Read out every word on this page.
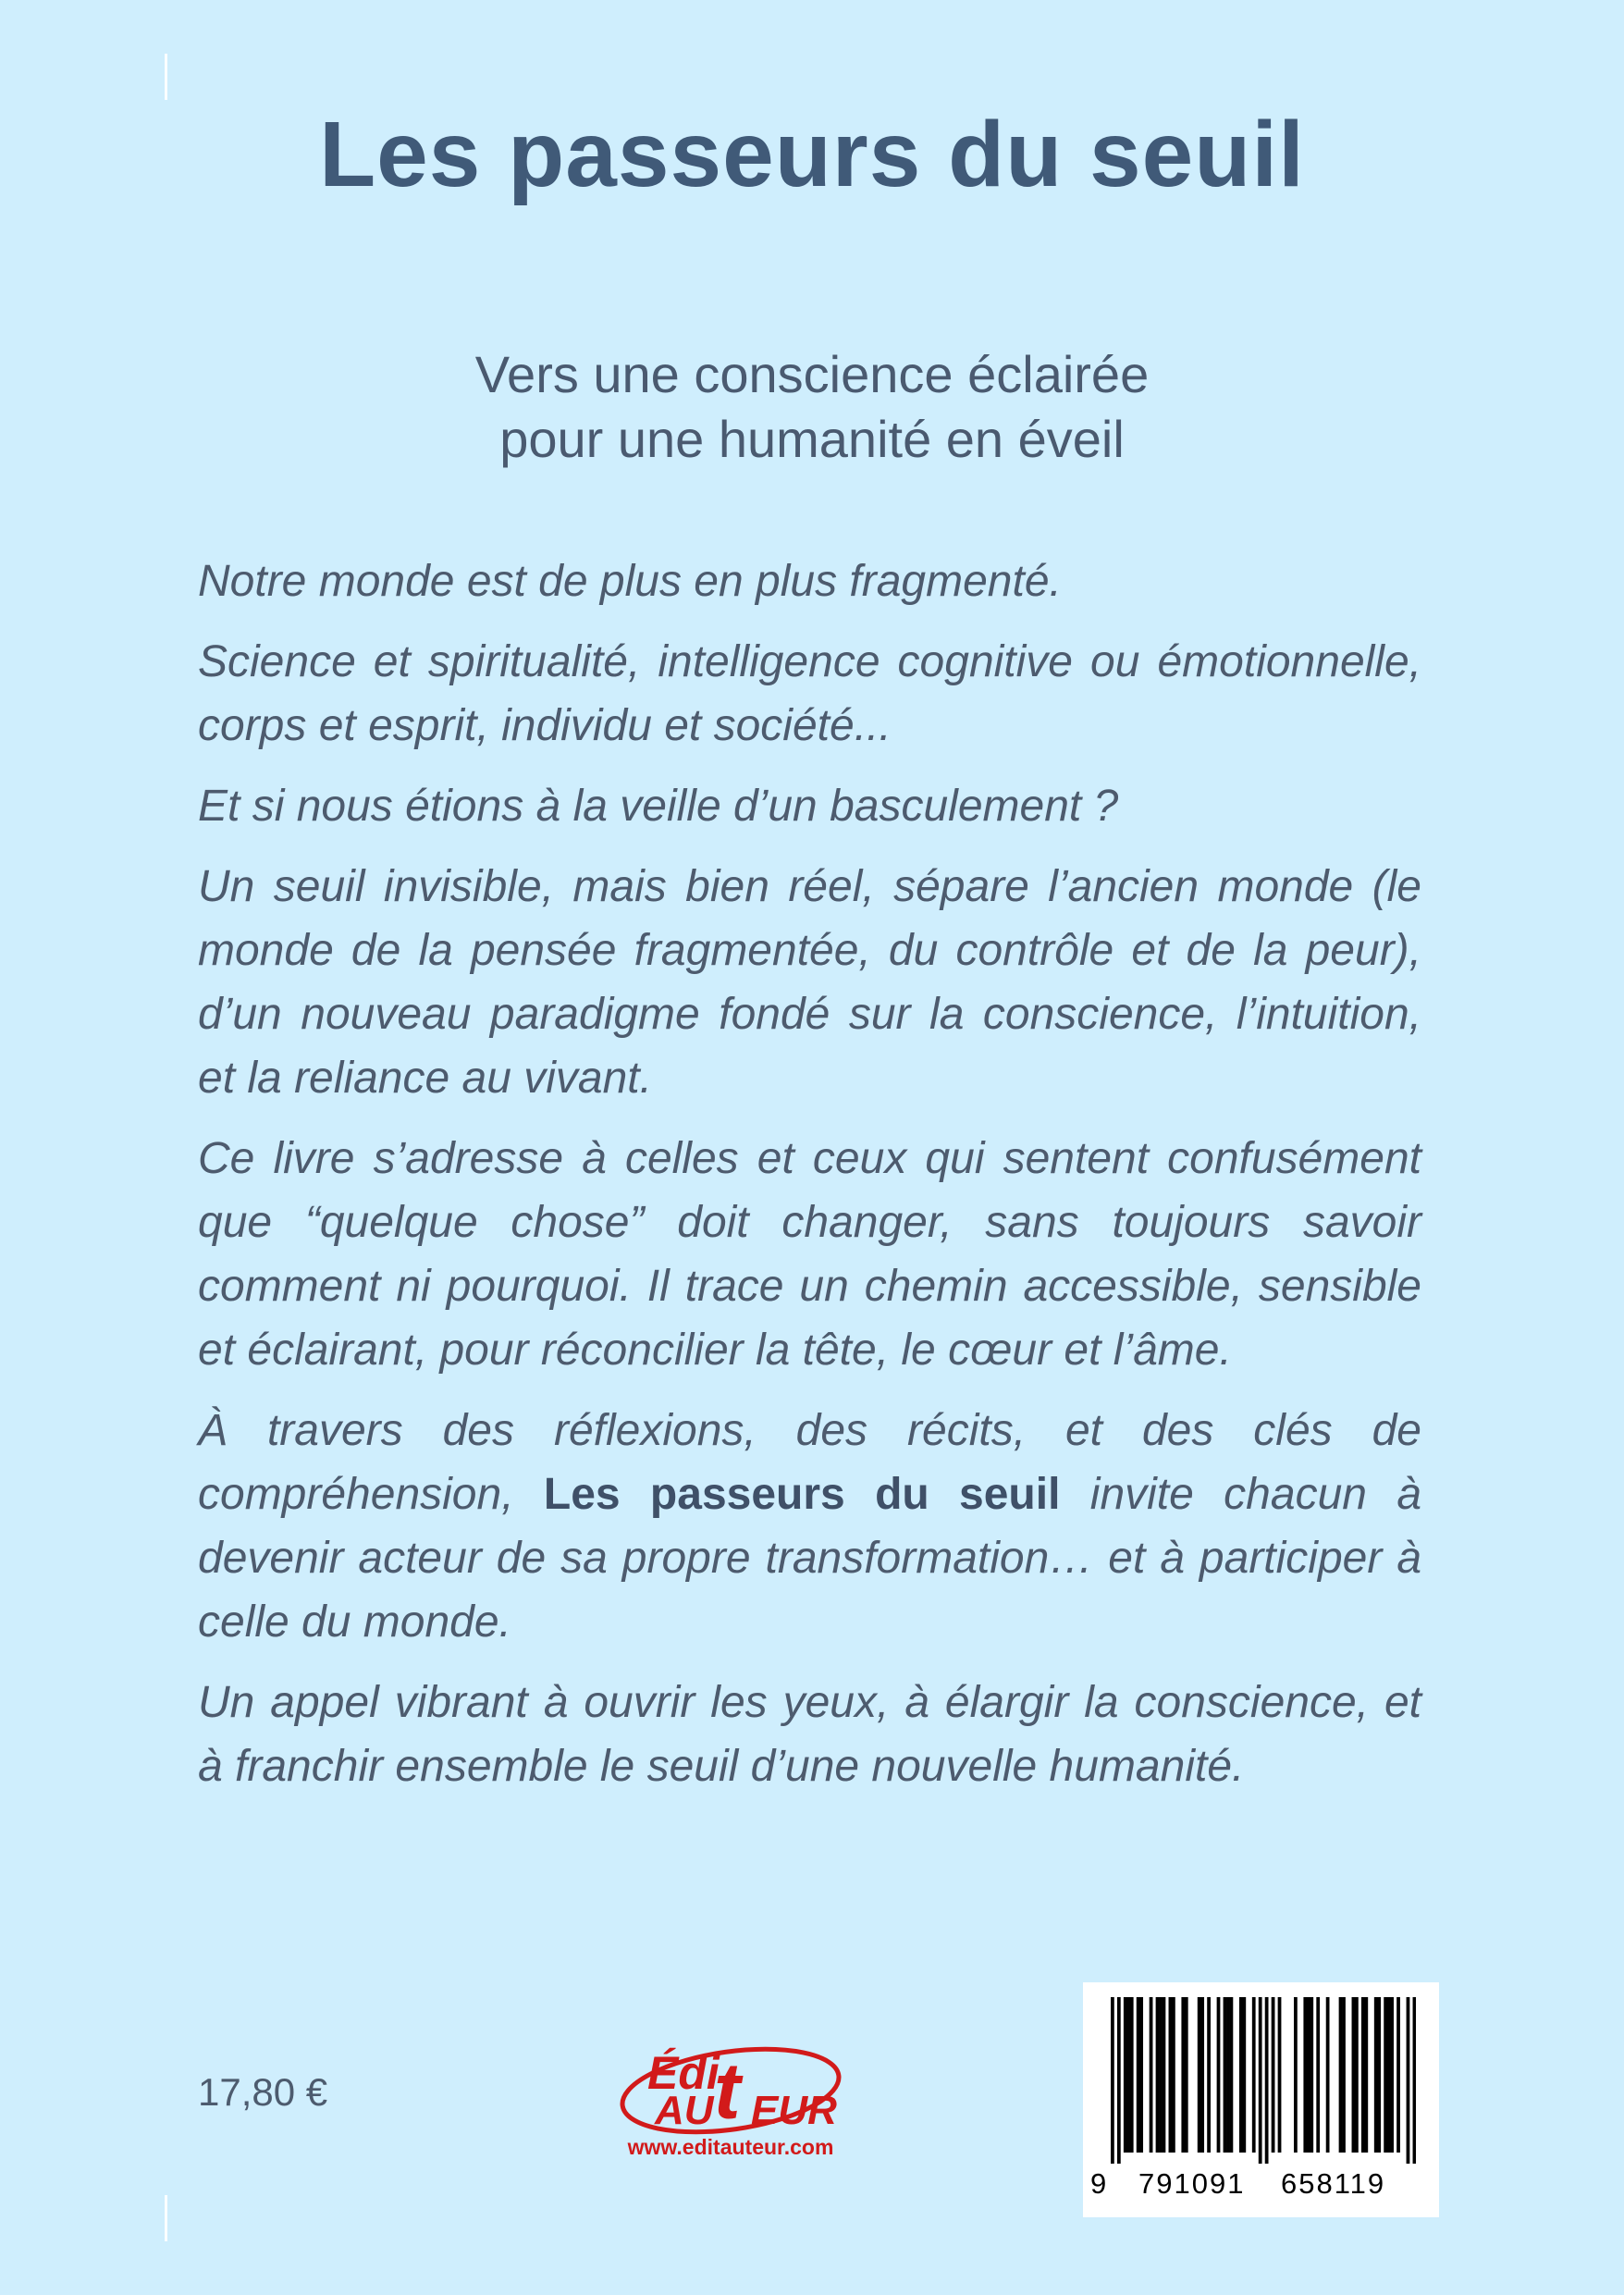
Les passeurs du seuil
Vers une conscience éclairée
pour une humanité en éveil

Notre monde est de plus en plus fragmenté.

Science et spiritualité, intelligence cognitive ou émotionnelle, corps et esprit, individu et société...

Et si nous étions à la veille d’un basculement ?

Un seuil invisible, mais bien réel, sépare l’ancien monde (le monde de la pensée fragmentée, du contrôle et de la peur), d’un nouveau paradigme fondé sur la conscience, l’intuition, et la reliance au vivant.

Ce livre s’adresse à celles et ceux qui sentent confusément que “quelque chose” doit changer, sans toujours savoir comment ni pourquoi. Il trace un chemin accessible, sensible et éclairant, pour réconcilier la tête, le cœur et l’âme.

À travers des réflexions, des récits, et des clés de compréhension, Les passeurs du seuil invite chacun à devenir acteur de sa propre transformation… et à participer à celle du monde.

Un appel vibrant à ouvrir les yeux, à élargir la conscience, et à franchir ensemble le seuil d’une nouvelle humanité.

17,80 €	Édi
t
AU EUR
www.editauteur.com
9 791091 658119
